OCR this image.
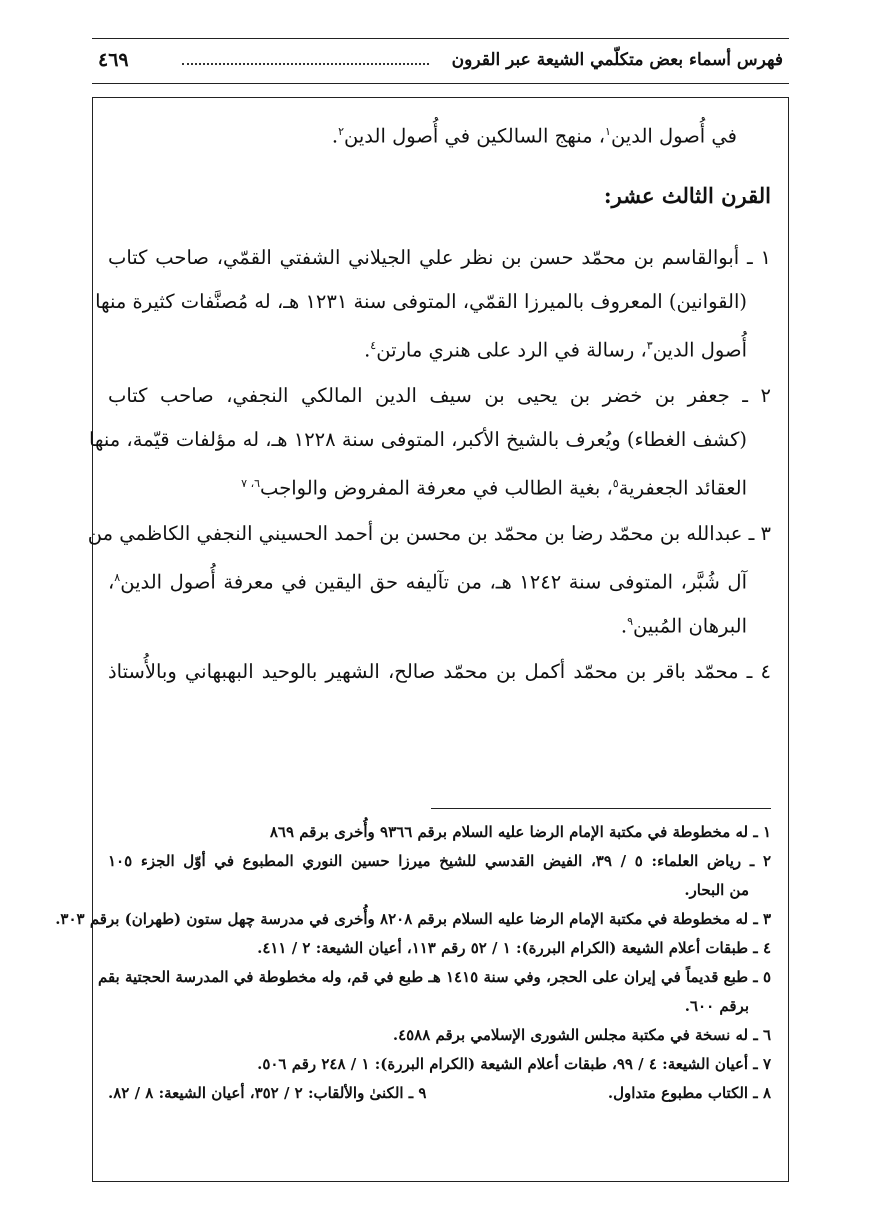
فهرس أسماء بعض متكلّمي الشيعة عبر القرون
٤٦٩
في أُصول الدين$^١$، منهج السالكين في أُصول الدين$^٢$.
القرن الثالث عشر:
١ ـ أبوالقاسم بن محمّد حسن بن نظر علي الجيلاني الشفتي القمّي، صاحب كتاب
(القوانين) المعروف بالميرزا القمّي، المتوفى سنة ١٢٣١ هـ، له مُصنَّفات كثيرة منها
أُصول الدين$^٣$، رسالة في الرد على هنري مارتن$^٤$.
٢ ـ جعفر بن خضر بن يحيى بن سيف الدين المالكي النجفي، صاحب كتاب
(كشف الغطاء) ويُعرف بالشيخ الأكبر، المتوفى سنة ١٢٢٨ هـ، له مؤلفات قيّمة، منها
العقائد الجعفرية$^٥$، بغية الطالب في معرفة المفروض والواجب$^{٦، ٧}$
٣ ـ عبدالله بن محمّد رضا بن محمّد بن محسن بن أحمد الحسيني النجفي الكاظمي من
آل شُبَّر، المتوفى سنة ١٢٤٢ هـ، من تآليفه حق اليقين في معرفة أُصول الدين$^٨$،
البرهان المُبين$^٩$.
٤ ـ محمّد باقر بن محمّد أكمل بن محمّد صالح، الشهير بالوحيد البهبهاني وبالأُستاذ
١ ـ له مخطوطة في مكتبة الإمام الرضا عليه السلام برقم ٩٣٦٦ وأُخرى برقم ٨٦٩
٢ ـ رياض العلماء: ٥ / ٣٩، الفيض القدسي للشيخ ميرزا حسين النوري المطبوع في أوّل الجزء ١٠٥
من البحار.
٣ ـ له مخطوطة في مكتبة الإمام الرضا عليه السلام برقم ٨٢٠٨ وأُخرى في مدرسة چهل ستون (طهران) برقم ٣٠٣.
٤ ـ طبقات أعلام الشيعة (الكرام البررة): ١ / ٥٢ رقم ١١٣، أعيان الشيعة: ٢ / ٤١١.
٥ ـ طبع قديماً في إيران على الحجر، وفي سنة ١٤١٥ هـ طبع في قم، وله مخطوطة في المدرسة الحجتية بقم
برقم ٦٠٠.
٦ ـ له نسخة في مكتبة مجلس الشورى الإسلامي برقم ٤٥٨٨.
٧ ـ أعيان الشيعة: ٤ / ٩٩، طبقات أعلام الشيعة (الكرام البررة): ١ / ٢٤٨ رقم ٥٠٦.
٨ ـ الكتاب مطبوع متداول.
٩ ـ الكنىٰ والألقاب: ٢ / ٣٥٢، أعيان الشيعة: ٨ / ٨٢.
